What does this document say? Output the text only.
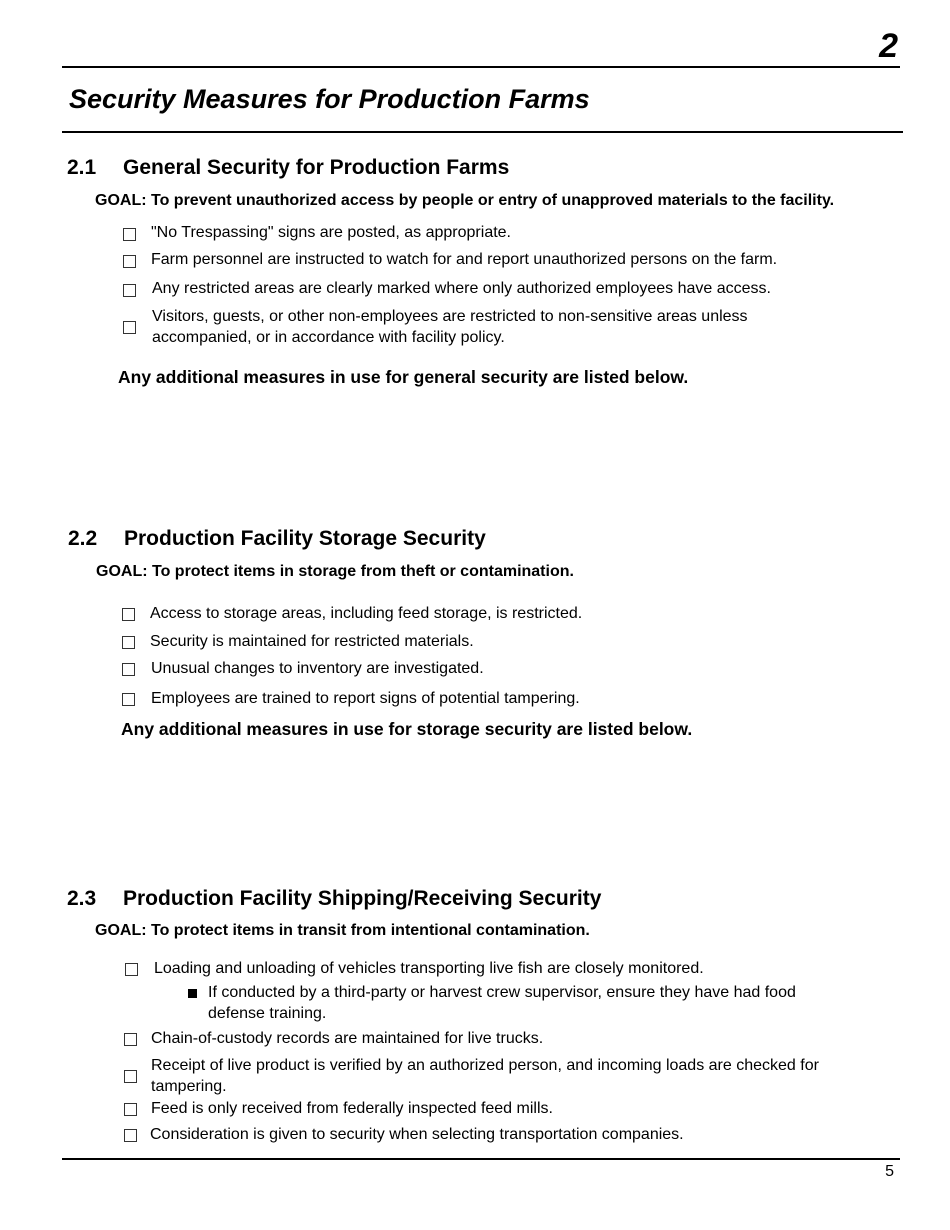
2
Security Measures for Production Farms
2.1 General Security for Production Farms
GOAL: To prevent unauthorized access by people or entry of unapproved materials to the facility.
"No Trespassing" signs are posted, as appropriate.
Farm personnel are instructed to watch for and report unauthorized persons on the farm.
Any restricted areas are clearly marked where only authorized employees have access.
Visitors, guests, or other non-employees are restricted to non-sensitive areas unless accompanied, or in accordance with facility policy.
Any additional measures in use for general security are listed below.
2.2 Production Facility Storage Security
GOAL: To protect items in storage from theft or contamination.
Access to storage areas, including feed storage, is restricted.
Security is maintained for restricted materials.
Unusual changes to inventory are investigated.
Employees are trained to report signs of potential tampering.
Any additional measures in use for storage security are listed below.
2.3 Production Facility Shipping/Receiving Security
GOAL: To protect items in transit from intentional contamination.
Loading and unloading of vehicles transporting live fish are closely monitored.
If conducted by a third-party or harvest crew supervisor, ensure they have had food defense training.
Chain-of-custody records are maintained for live trucks.
Receipt of live product is verified by an authorized person, and incoming loads are checked for tampering.
Feed is only received from federally inspected feed mills.
Consideration is given to security when selecting transportation companies.
5
